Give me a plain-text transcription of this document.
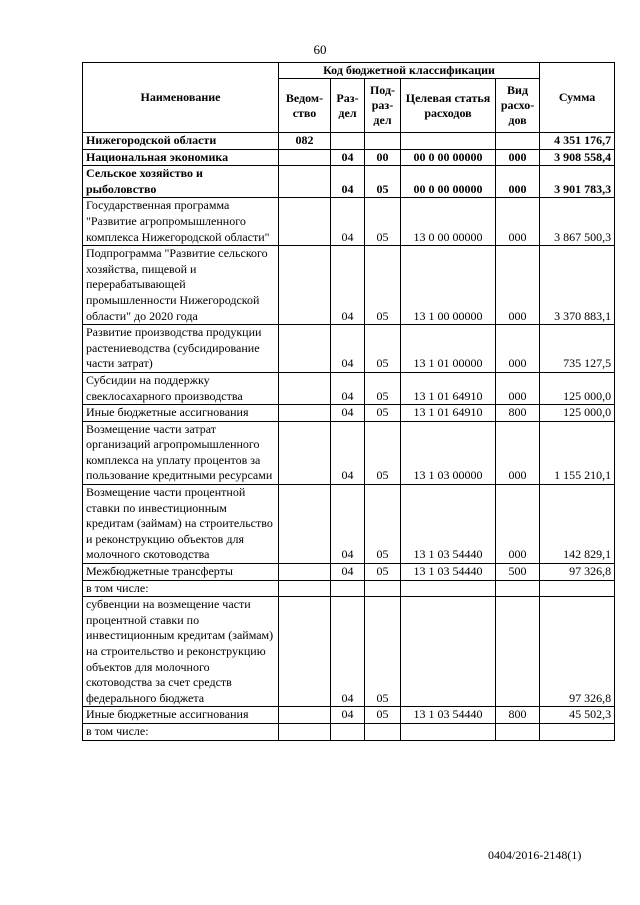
60
Наименование	Код бюджетной классификации					Сумма
	Ведом-ство	Раз-дел	Под-раз-дел	Целевая статья расходов	Вид расхо-дов	
Нижегородской области	082					4 351 176,7
Национальная экономика		04	00	00 0 00 00000	000	3 908 558,4
Сельское хозяйство и рыболовство		04	05	00 0 00 00000	000	3 901 783,3
Государственная программа "Развитие агропромышленного комплекса Нижегородской области"		04	05	13 0 00 00000	000	3 867 500,3
Подпрограмма "Развитие сельского хозяйства, пищевой и перерабатывающей промышленности Нижегородской области" до 2020 года		04	05	13 1 00 00000	000	3 370 883,1
Развитие производства продукции растениеводства (субсидирование части затрат)		04	05	13 1 01 00000	000	735 127,5
Субсидии на поддержку свеклосахарного производства		04	05	13 1 01 64910	000	125 000,0
Иные бюджетные ассигнования		04	05	13 1 01 64910	800	125 000,0
Возмещение части затрат организаций агропромышленного комплекса на уплату процентов за пользование кредитными ресурсами		04	05	13 1 03 00000	000	1 155 210,1
Возмещение части процентной ставки по инвестиционным кредитам (займам) на строительство и реконструкцию объектов для молочного скотоводства		04	05	13 1 03 54440	000	142 829,1
Межбюджетные трансферты		04	05	13 1 03 54440	500	97 326,8
в том числе:						
субвенции на возмещение части процентной ставки по инвестиционным кредитам (займам) на строительство и реконструкцию объектов для молочного скотоводства за счет средств федерального бюджета		04	05			97 326,8
Иные бюджетные ассигнования		04	05	13 1 03 54440	800	45 502,3
в том числе:						
0404/2016-2148(1)
